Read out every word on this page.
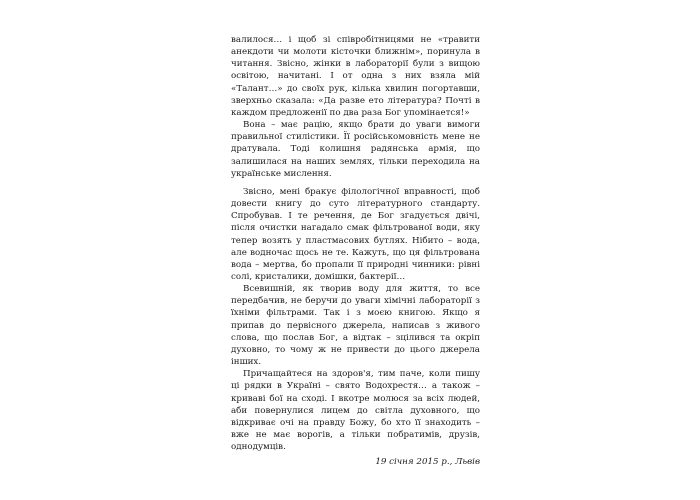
валилося… і щоб зі співробітницями не «травити анекдоти чи молоти кісточки ближнім», поринула в читання. Звісно, жінки в лабораторії були з вищою освітою, начитані. І от одна з них взяла мій «Талант…» до своїх рук, кілька хвилин погортавши, зверхньо сказала: «Да разве ето література? Почті в каждом предложенії по два раза Бог упомінается!»

Вона – має рацію, якщо брати до уваги вимоги правильної стилістики. Її російськомовність мене не дратувала. Тоді колишня радянська армія, що залишилася на наших землях, тільки переходила на українське мислення.

Звісно, мені бракує філологічної вправності, щоб довести книгу до суто літературного стандарту. Спробував. І те речення, де Бог згадується двічі, після очистки нагадало смак фільтрованої води, яку тепер возять у пластмасових бутлях. Нібито – вода, але водночас щось не те. Кажуть, що ця фільтрована вода – мертва, бо пропали її природні чинники: рівні солі, кристалики, домішки, бактерії…

Всевишній, як творив воду для життя, то все передбачив, не беручи до уваги хімічні лабораторії з їхніми фільтрами. Так і з моєю книгою. Якщо я припав до первісного джерела, написав з живого слова, що послав Бог, а відтак – зцілився та окріп духовно, то чому ж не привести до цього джерела інших.

Причащайтеся на здоров'я, тим паче, коли пишу ці рядки в Україні – свято Водохрестя… а також – криваві бої на сході. І вкотре молюся за всіх людей, аби повернулися лицем до світла духовного, що відкриває очі на правду Божу, бо хто її знаходить – вже не має ворогів, а тільки побратимів, друзів, однодумців.

19 січня 2015 р., Львів
